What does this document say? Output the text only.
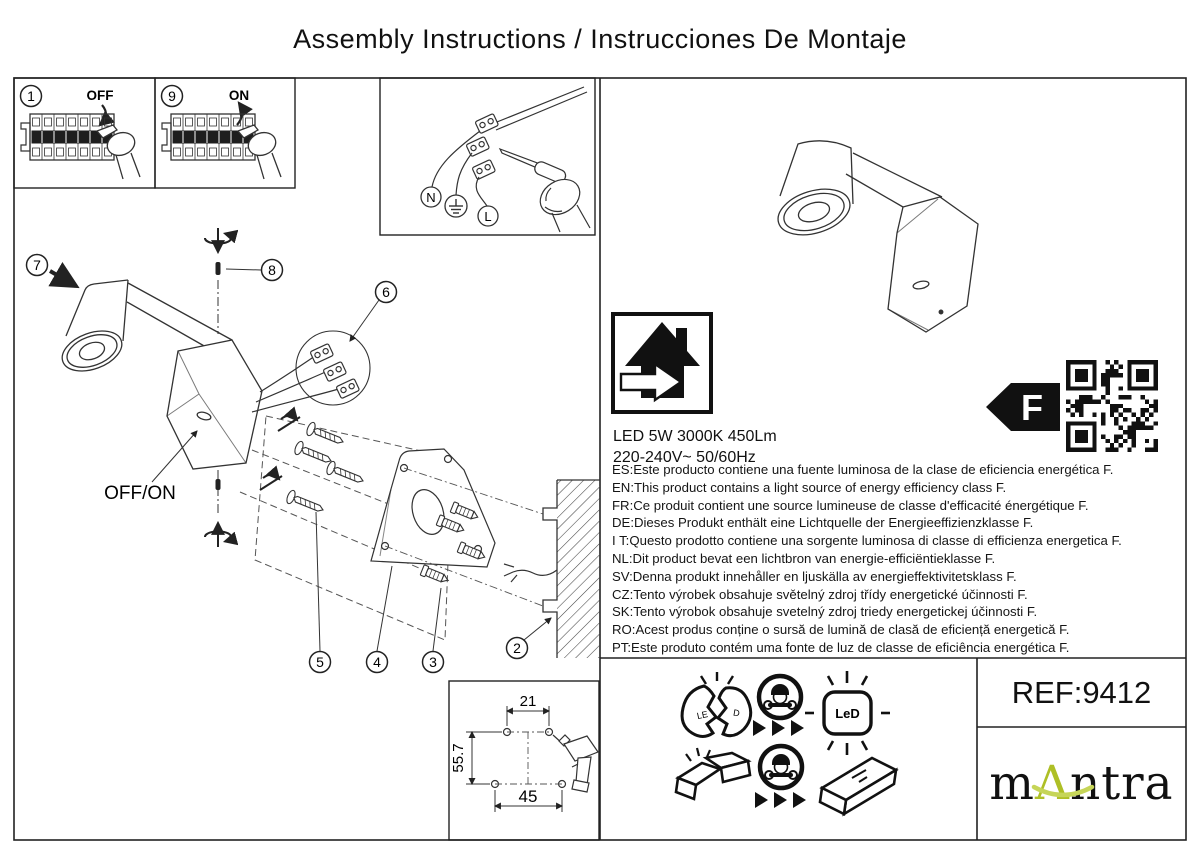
Assembly Instructions / Instrucciones De Montaje
1	OFF	9	ON
N
L
7	8
OFF/ON
6
5	4	3
2
21
55.7
45
F
LE	D	LeD
LED 5W 3000K 450Lm
220-240V~ 50/60Hz
ES:Este producto contiene una fuente luminosa de la clase de eficiencia energética F.
EN:This product contains a light source of energy efficiency class F.
FR:Ce produit contient une source lumineuse de classe d'efficacité énergétique F.
DE:Dieses Produkt enthält eine Lichtquelle der Energieeffizienzklasse F.
I T:Questo prodotto contiene una sorgente luminosa di classe di efficienza energetica F.
NL:Dit product bevat een lichtbron van energie-efficiëntieklasse F.
SV:Denna produkt innehåller en ljuskälla av energieffektivitetsklass F.
CZ:Tento výrobek obsahuje světelný zdroj třídy energetické účinnosti F.
SK:Tento výrobok obsahuje svetelný zdroj triedy energetickej účinnosti F.
RO:Acest produs conține o sursă de lumină de clasă de eficiență energetică F.
PT:Este produto contém uma fonte de luz de classe de eficiência energética F.
REF:9412
m Λ ntra
